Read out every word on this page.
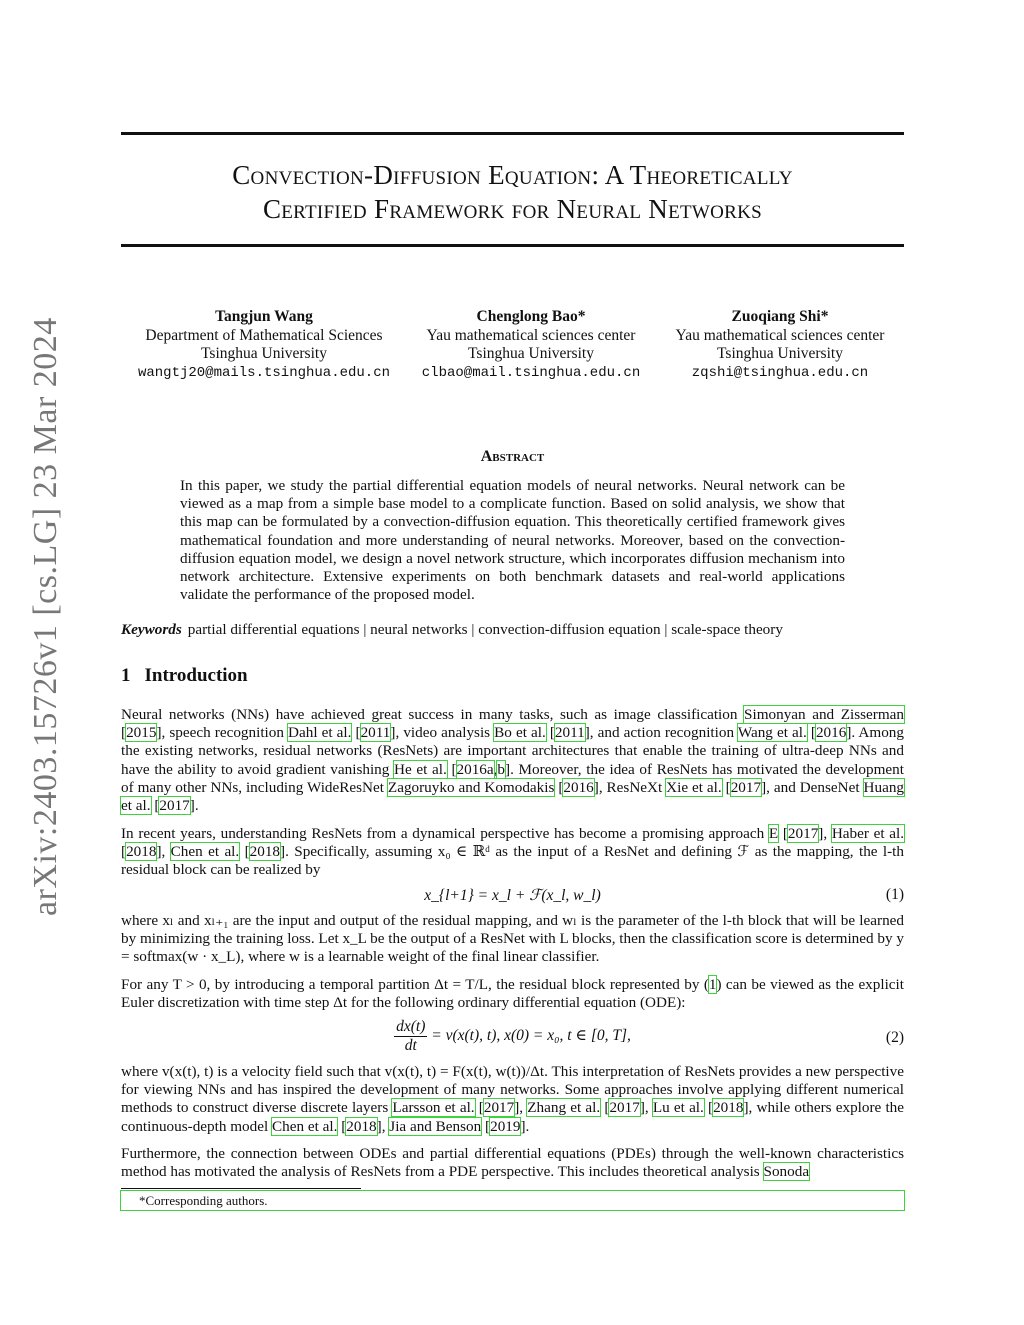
arXiv:2403.15726v1 [cs.LG] 23 Mar 2024
Convection-Diffusion Equation: A Theoretically
Certified Framework for Neural Networks
Tangjun Wang
Department of Mathematical Sciences
Tsinghua University
wangtj20@mails.tsinghua.edu.cn
Chenglong Bao*
Yau mathematical sciences center
Tsinghua University
clbao@mail.tsinghua.edu.cn
Zuoqiang Shi*
Yau mathematical sciences center
Tsinghua University
zqshi@tsinghua.edu.cn
Abstract
In this paper, we study the partial differential equation models of neural networks. Neural network can be viewed as a map from a simple base model to a complicate function. Based on solid analysis, we show that this map can be formulated by a convection-diffusion equation. This theoretically certified framework gives mathematical foundation and more understanding of neural networks. Moreover, based on the convection-diffusion equation model, we design a novel network structure, which incorporates diffusion mechanism into network architecture. Extensive experiments on both benchmark datasets and real-world applications validate the performance of the proposed model.
Keywords partial differential equations | neural networks | convection-diffusion equation | scale-space theory
1 Introduction
Neural networks (NNs) have achieved great success in many tasks, such as image classification Simonyan and Zisserman [2015], speech recognition Dahl et al. [2011], video analysis Bo et al. [2011], and action recognition Wang et al. [2016]. Among the existing networks, residual networks (ResNets) are important architectures that enable the training of ultra-deep NNs and have the ability to avoid gradient vanishing He et al. [2016a,b]. Moreover, the idea of ResNets has motivated the development of many other NNs, including WideResNet Zagoruyko and Komodakis [2016], ResNeXt Xie et al. [2017], and DenseNet Huang et al. [2017].
In recent years, understanding ResNets from a dynamical perspective has become a promising approach E [2017], Haber et al. [2018], Chen et al. [2018]. Specifically, assuming x₀ ∈ ℝᵈ as the input of a ResNet and defining ℱ as the mapping, the l-th residual block can be realized by
x_{l+1} = x_l + ℱ(x_l, w_l)	(1)
where xₗ and xₗ₊₁ are the input and output of the residual mapping, and wₗ is the parameter of the l-th block that will be learned by minimizing the training loss. Let x_L be the output of a ResNet with L blocks, then the classification score is determined by y = softmax(w · x_L), where w is a learnable weight of the final linear classifier.
For any T > 0, by introducing a temporal partition Δt = T/L, the residual block represented by (1) can be viewed as the explicit Euler discretization with time step Δt for the following ordinary differential equation (ODE):
$\frac{dx(t)}{dt} = v(x(t)$, t), x(0) = x₀, t ∈ [0, T],	(2)
where v(x(t), t) is a velocity field such that v(x(t), t) = F(x(t), w(t))/Δt. This interpretation of ResNets provides a new perspective for viewing NNs and has inspired the development of many networks. Some approaches involve applying different numerical methods to construct diverse discrete layers Larsson et al. [2017], Zhang et al. [2017], Lu et al. [2018], while others explore the continuous-depth model Chen et al. [2018], Jia and Benson [2019].
Furthermore, the connection between ODEs and partial differential equations (PDEs) through the well-known characteristics method has motivated the analysis of ResNets from a PDE perspective. This includes theoretical analysis Sonoda
*Corresponding authors.
